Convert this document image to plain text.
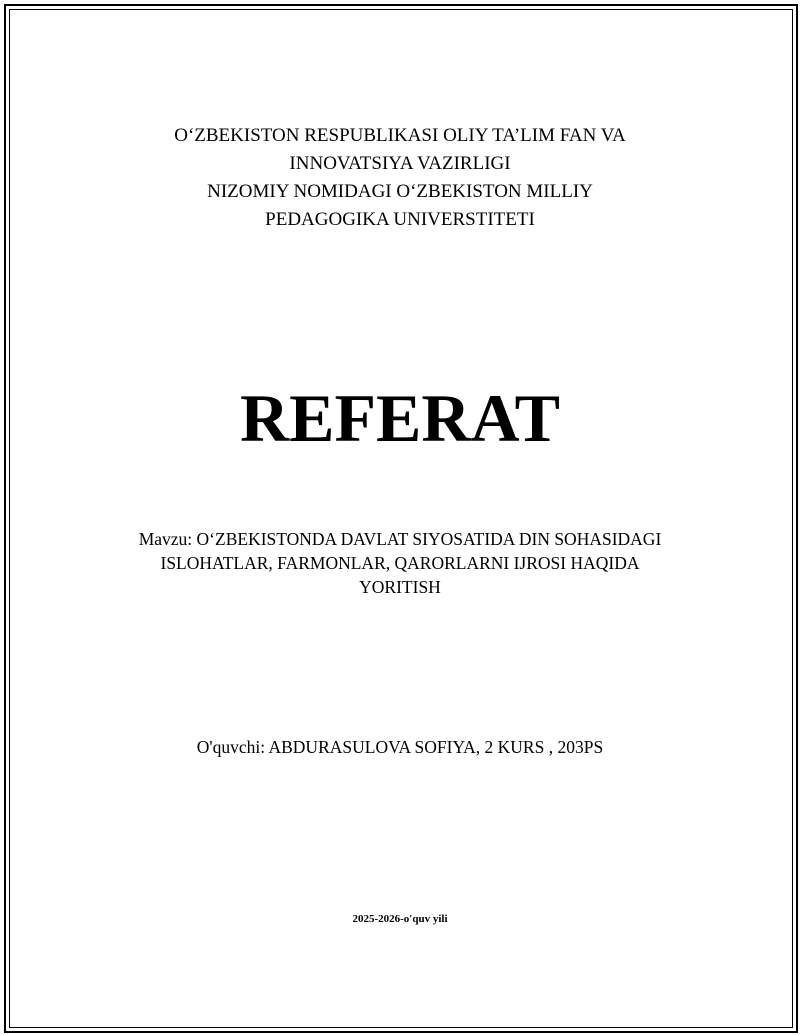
O‘ZBEKISTON RESPUBLIKASI OLIY TA’LIM FAN VA
INNOVATSIYA VAZIRLIGI
NIZOMIY NOMIDAGI O‘ZBEKISTON MILLIY
PEDAGOGIKA UNIVERSTITETI
REFERAT
Mavzu: O‘ZBEKISTONDA DAVLAT SIYOSATIDA DIN SOHASIDAGI
ISLOHATLAR, FARMONLAR, QARORLARNI IJROSI HAQIDA
YORITISH
O'quvchi: ABDURASULOVA SOFIYA, 2 KURS , 203PS
2025-2026-o'quv yili
